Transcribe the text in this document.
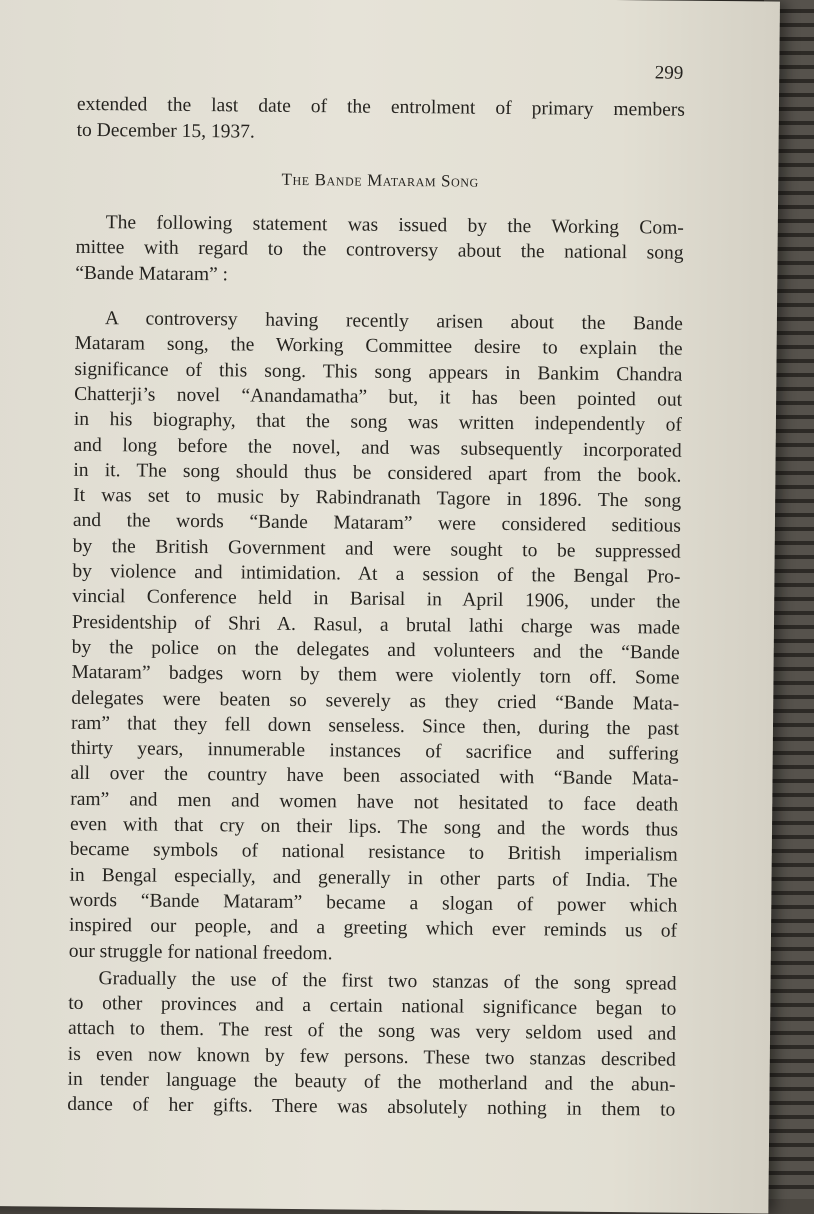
299
extended the last date of the entrolment of primary members
to December 15, 1937.
The Bande Mataram Song
The following statement was issued by the Working Com-
mittee with regard to the controversy about the national song
“Bande Mataram” :
A controversy having recently arisen about the Bande
Mataram song, the Working Committee desire to explain the
significance of this song. This song appears in Bankim Chandra
Chatterji’s novel “Anandamatha” but, it has been pointed out
in his biography, that the song was written independently of
and long before the novel, and was subsequently incorporated
in it. The song should thus be considered apart from the book.
It was set to music by Rabindranath Tagore in 1896. The song
and the words “Bande Mataram” were considered seditious
by the British Government and were sought to be suppressed
by violence and intimidation. At a session of the Bengal Pro-
vincial Conference held in Barisal in April 1906, under the
Presidentship of Shri A. Rasul, a brutal lathi charge was made
by the police on the delegates and volunteers and the “Bande
Mataram” badges worn by them were violently torn off. Some
delegates were beaten so severely as they cried “Bande Mata-
ram” that they fell down senseless. Since then, during the past
thirty years, innumerable instances of sacrifice and suffering
all over the country have been associated with “Bande Mata-
ram” and men and women have not hesitated to face death
even with that cry on their lips. The song and the words thus
became symbols of national resistance to British imperialism
in Bengal especially, and generally in other parts of India. The
words “Bande Mataram” became a slogan of power which
inspired our people, and a greeting which ever reminds us of
our struggle for national freedom.
Gradually the use of the first two stanzas of the song spread
to other provinces and a certain national significance began to
attach to them. The rest of the song was very seldom used and
is even now known by few persons. These two stanzas described
in tender language the beauty of the motherland and the abun-
dance of her gifts. There was absolutely nothing in them to
